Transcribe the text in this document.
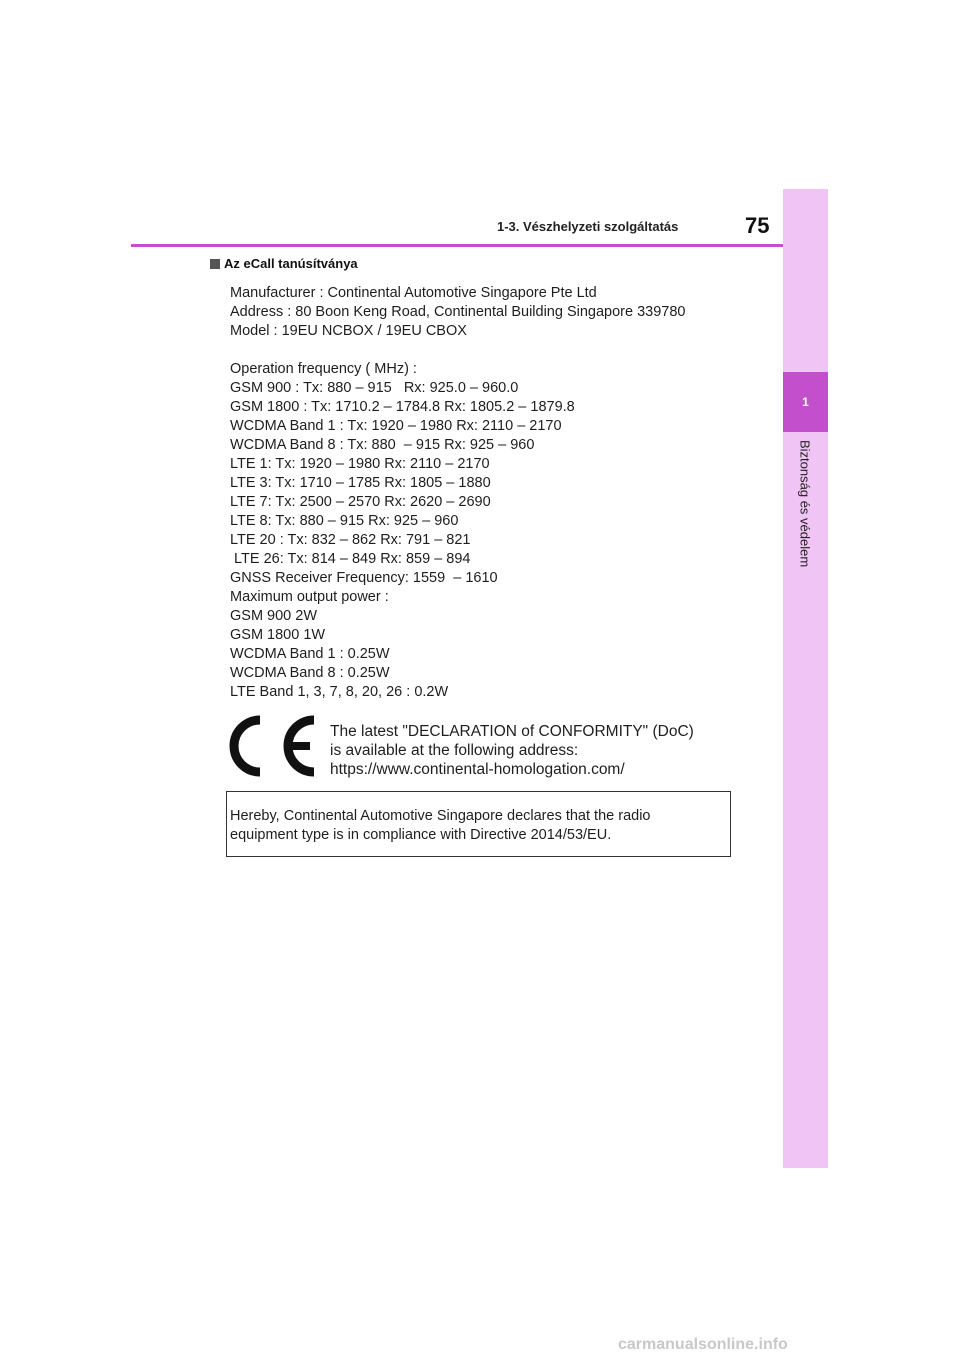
1
Biztonság és védelem
1-3. Vészhelyzeti szolgáltatás	75
Az eCall tanúsítványa
Manufacturer : Continental Automotive Singapore Pte Ltd
Address : 80 Boon Keng Road, Continental Building Singapore 339780
Model : 19EU NCBOX / 19EU CBOX
Operation frequency ( MHz) :
GSM 900 : Tx: 880 – 915   Rx: 925.0 – 960.0
GSM 1800 : Tx: 1710.2 – 1784.8 Rx: 1805.2 – 1879.8
WCDMA Band 1 : Tx: 1920 – 1980 Rx: 2110 – 2170
WCDMA Band 8 : Tx: 880  – 915 Rx: 925 – 960
LTE 1: Tx: 1920 – 1980 Rx: 2110 – 2170
LTE 3: Tx: 1710 – 1785 Rx: 1805 – 1880
LTE 7: Tx: 2500 – 2570 Rx: 2620 – 2690
LTE 8: Tx: 880 – 915 Rx: 925 – 960
LTE 20 : Tx: 832 – 862 Rx: 791 – 821
LTE 26: Tx: 814 – 849 Rx: 859 – 894
GNSS Receiver Frequency: 1559  – 1610
Maximum output power :
GSM 900 2W
GSM 1800 1W
WCDMA Band 1 : 0.25W
WCDMA Band 8 : 0.25W
LTE Band 1, 3, 7, 8, 20, 26 : 0.2W
The latest "DECLARATION of CONFORMITY" (DoC)
is available at the following address:
https://www.continental-homologation.com/
Hereby, Continental Automotive Singapore declares that the radio
equipment type is in compliance with Directive 2014/53/EU.
carmanualsonline.info
